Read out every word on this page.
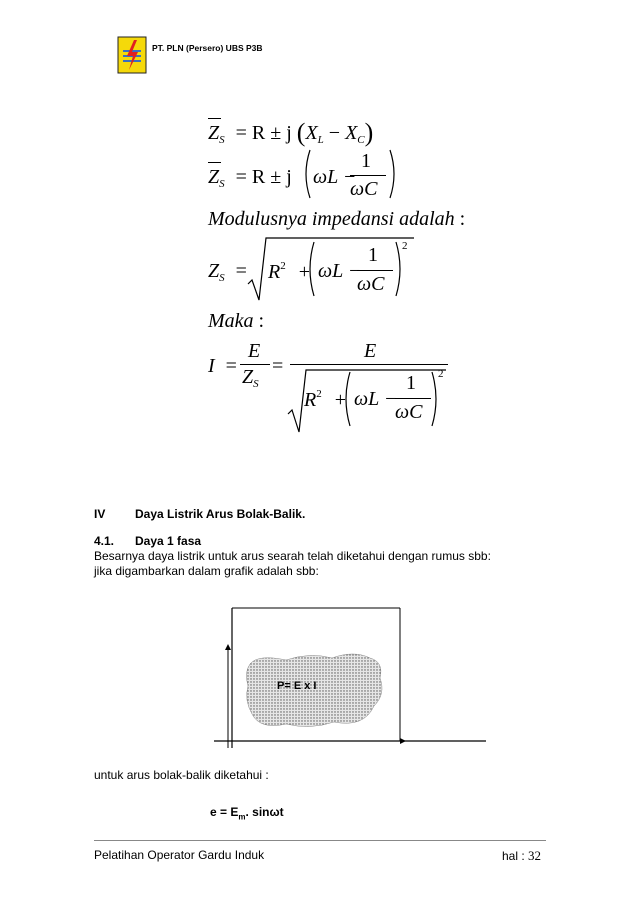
PT. PLN (Persero) UBS P3B
$Z_S = R \pm j$ $(X_L - X_C)$
$Z_S = R \pm j$ ωL −
1
ωC
Modulusnya impedansi adalah :
$Z_S = R^2 + \omega L$ −
1
ωC
2
Maka :
I =
E
$Z_S$
=
E
$R^2 + \omega L$ −
1
ωC
2
IV Daya Listrik Arus Bolak-Balik.
4.1. Daya 1 fasa
Besarnya daya listrik untuk arus searah telah diketahui dengan rumus sbb:
jika digambarkan dalam grafik adalah sbb:
P= E x I
untuk arus bolak-balik diketahui :
$e = E_m$. sinωt
Pelatihan Operator Gardu Induk	hal : 32
